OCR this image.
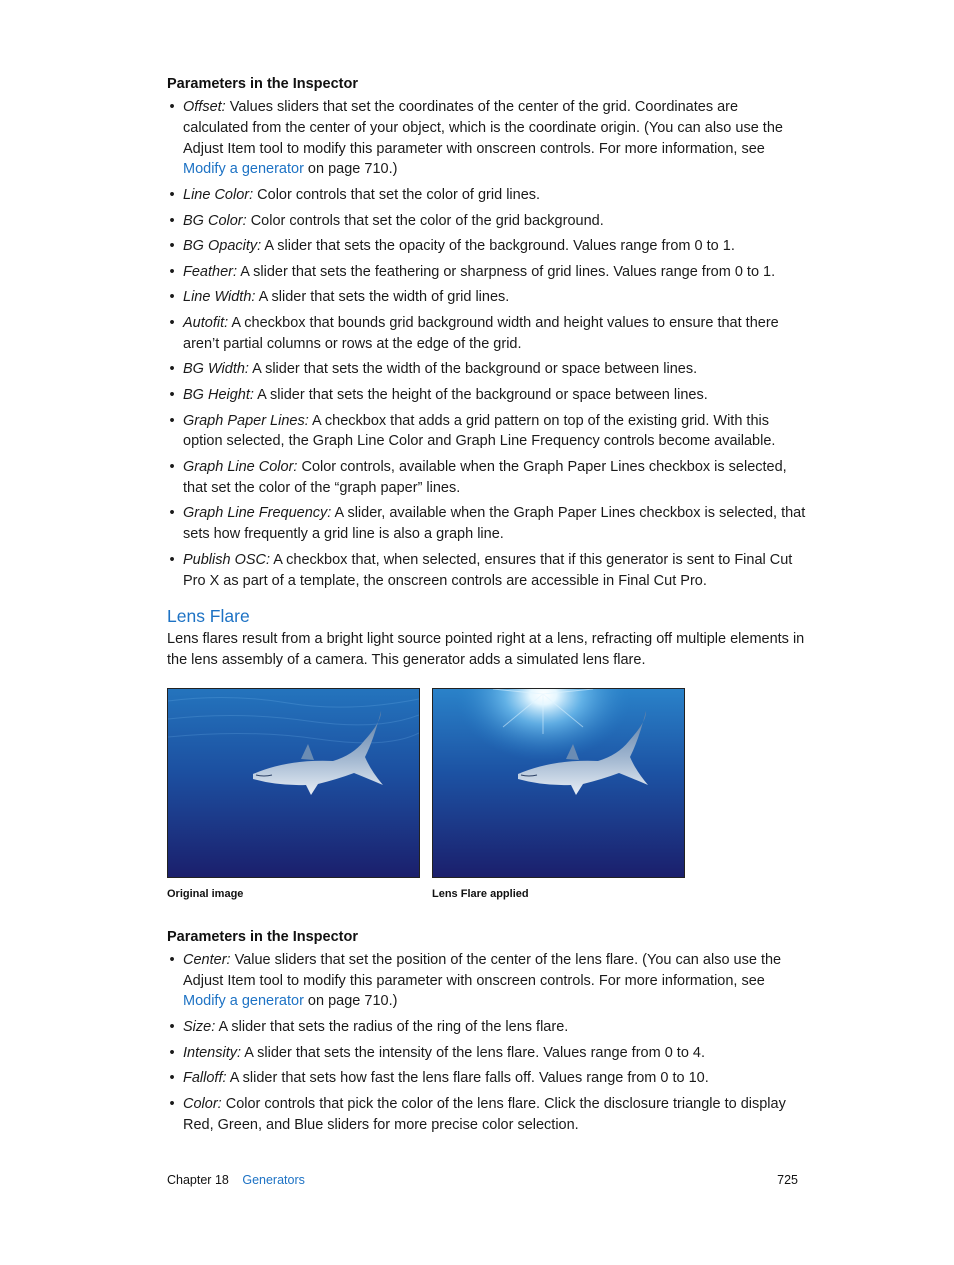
Parameters in the Inspector
• Offset: Values sliders that set the coordinates of the center of the grid. Coordinates are calculated from the center of your object, which is the coordinate origin. (You can also use the Adjust Item tool to modify this parameter with onscreen controls. For more information, see Modify a generator on page 710.)
• Line Color: Color controls that set the color of grid lines.
• BG Color: Color controls that set the color of the grid background.
• BG Opacity: A slider that sets the opacity of the background. Values range from 0 to 1.
• Feather: A slider that sets the feathering or sharpness of grid lines. Values range from 0 to 1.
• Line Width: A slider that sets the width of grid lines.
• Autofit: A checkbox that bounds grid background width and height values to ensure that there aren’t partial columns or rows at the edge of the grid.
• BG Width: A slider that sets the width of the background or space between lines.
• BG Height: A slider that sets the height of the background or space between lines.
• Graph Paper Lines: A checkbox that adds a grid pattern on top of the existing grid. With this option selected, the Graph Line Color and Graph Line Frequency controls become available.
• Graph Line Color: Color controls, available when the Graph Paper Lines checkbox is selected, that set the color of the “graph paper” lines.
• Graph Line Frequency: A slider, available when the Graph Paper Lines checkbox is selected, that sets how frequently a grid line is also a graph line.
• Publish OSC: A checkbox that, when selected, ensures that if this generator is sent to Final Cut Pro X as part of a template, the onscreen controls are accessible in Final Cut Pro.
Lens Flare

Lens flares result from a bright light source pointed right at a lens, refracting off multiple elements in the lens assembly of a camera. This generator adds a simulated lens flare.

Original image	Lens Flare applied
Parameters in the Inspector
• Center: Value sliders that set the position of the center of the lens flare. (You can also use the Adjust Item tool to modify this parameter with onscreen controls. For more information, see Modify a generator on page 710.)
• Size: A slider that sets the radius of the ring of the lens flare.
• Intensity: A slider that sets the intensity of the lens flare. Values range from 0 to 4.
• Falloff: A slider that sets how fast the lens flare falls off. Values range from 0 to 10.
• Color: Color controls that pick the color of the lens flare. Click the disclosure triangle to display Red, Green, and Blue sliders for more precise color selection.
Chapter 18 Generators	725
